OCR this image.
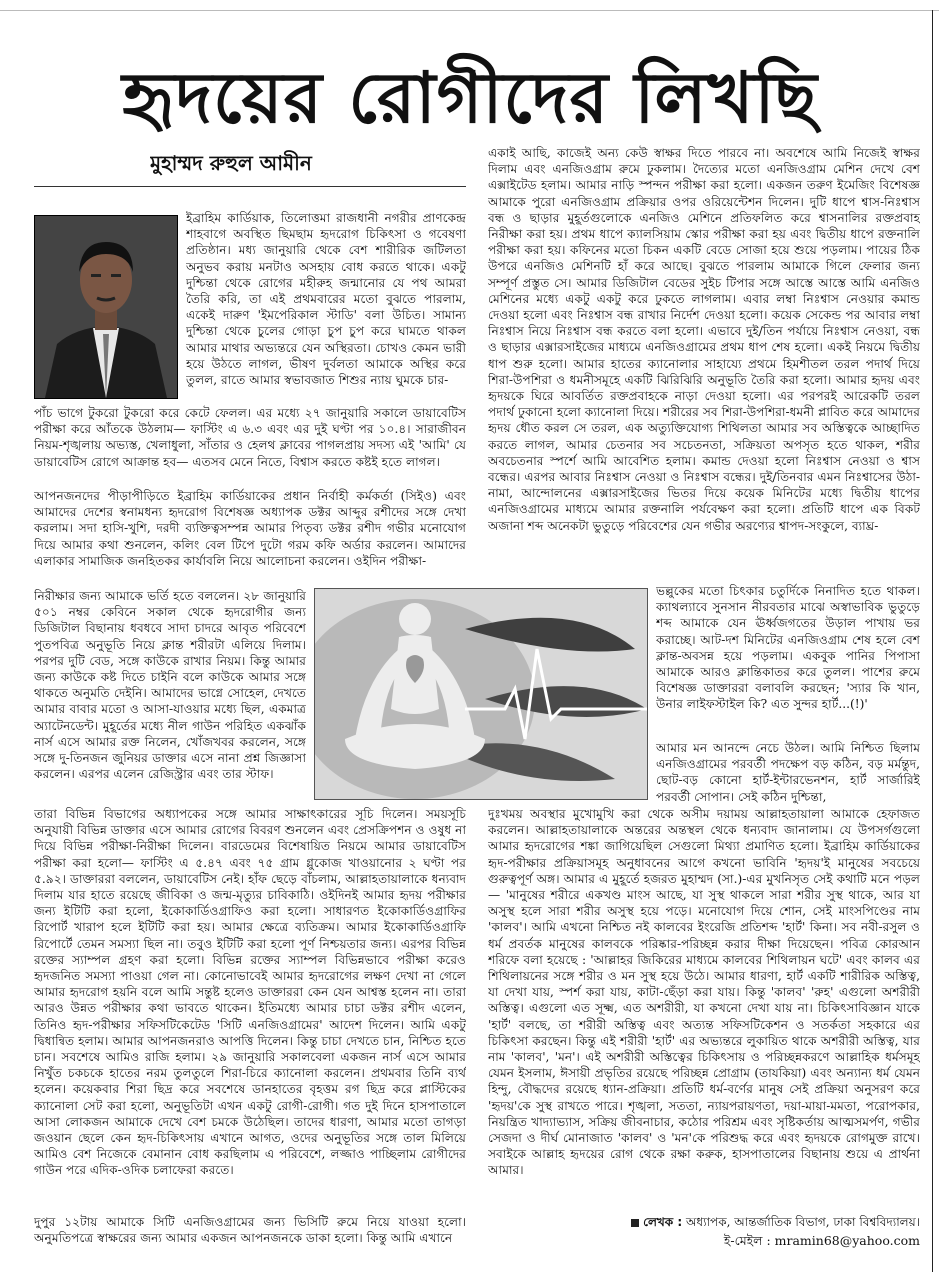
হৃদয়ের রোগীদের লিখছি
মুহাম্মদ রুহুল আমীন

ইব্রাহিম কার্ডিয়াক, তিলোত্তমা রাজধানী নগরীর প্রাণকেন্দ্র শাহবাগে অবস্থিত ছিমছাম হৃদরোগ চিকিৎসা ও গবেষণা প্রতিষ্ঠান। মধ্য জানুয়ারি থেকে বেশ শারীরিক জটিলতা অনুভব করায় মনটাও অসহায় বোধ করতে থাকে। একটু দুশ্চিন্তা থেকে রোগের মহীরুহ জন্মানোর যে পথ আমরা তৈরি করি, তা এই প্রথমবারের মতো বুঝতে পারলাম, একেই দারুণ 'ইমপেরিকাল স্টাডি' বলা উচিত। সামান্য দুশ্চিন্তা থেকে চুলের গোড়া চুপ চুপ করে ঘামতে থাকল আমার মাথার অভ্যন্তরে যেন অস্থিরতা। চোখও কেমন ভারী হয়ে উঠতে লাগল, ভীষণ দুর্বলতা আমাকে অস্থির করে তুলল, রাতে আমার স্বভাবজাত শিশুর ন্যায় ঘুমকে চার-

পাঁচ ভাগে টুকরো টুকরো করে কেটে ফেলল। এর মধ্যে ২৭ জানুয়ারি সকালে ডায়াবেটিস পরীক্ষা করে আঁতকে উঠলাম— ফাস্টিং এ ৬.৩ এবং এর দুই ঘণ্টা পর ১০.৪। সারাজীবন নিয়ম-শৃঙ্খলায় অভ্যস্ত, খেলাধুলা, সাঁতার ও হেলথ ক্লাবের পাগলপ্রায় সদস্য এই 'আমি' যে ডায়াবেটিস রোগে আক্রান্ত হব— এতসব মেনে নিতে, বিশ্বাস করতে কষ্টই হতে লাগল।

আপনজনদের পীড়াপীড়িতে ইব্রাহিম কার্ডিয়াকের প্রধান নির্বাহী কর্মকর্তা (সিইও) এবং আমাদের দেশের স্বনামধন্য হৃদরোগ বিশেষজ্ঞ অধ্যাপক ডক্টর আব্দুর রশীদের সঙ্গে দেখা করলাম। সদা হাসি-খুশি, দরদী ব্যক্তিত্বসম্পন্ন আমার পিতৃব্য ডক্টর রশীদ গভীর মনোযোগ দিয়ে আমার কথা শুনলেন, কলিং বেল টিপে দুটো গরম কফি অর্ডার করলেন। আমাদের এলাকার সামাজিক জনহিতকর কার্যাবলি নিয়ে আলোচনা করলেন। ওইদিন পরীক্ষা-

নিরীক্ষার জন্য আমাকে ভর্তি হতে বললেন। ২৮ জানুয়ারি ৫০১ নম্বর কেবিনে সকাল থেকে হৃদরোগীর জন্য ডিজিটাল বিছানায় ধবধবে সাদা চাদরে আবৃত পরিবেশে পুতপবিত্র অনুভূতি নিয়ে ক্লান্ত শরীরটা এলিয়ে দিলাম। পরপর দুটি বেড, সঙ্গে কাউকে রাখার নিয়ম। কিন্তু আমার জন্য কাউকে কষ্ট দিতে চাইনি বলে কাউকে আমার সঙ্গে থাকতে অনুমতি দেইনি। আমাদের ভাগ্নে সোহেল, দেখতে আমার বাবার মতো ও আসা-যাওয়ার মধ্যে ছিল, একমাত্র অ্যাটেনডেন্ট। মুহূর্তের মধ্যে নীল গাউন পরিহিত একঝাঁক নার্স এসে আমার রক্ত নিলেন, খোঁজখবর করলেন, সঙ্গে সঙ্গে দু-তিনজন জুনিয়র ডাক্তার এসে নানা প্রশ্ন জিজ্ঞাসা করলেন। এরপর এলেন রেজিস্ট্রার এবং তার স্টাফ।

তারা বিভিন্ন বিভাগের অধ্যাপকের সঙ্গে আমার সাক্ষাৎকারের সূচি দিলেন। সময়সূচি অনুযায়ী বিভিন্ন ডাক্তার এসে আমার রোগের বিবরণ শুনলেন এবং প্রেসক্রিপশন ও ওষুধ না দিয়ে বিভিন্ন পরীক্ষা-নিরীক্ষা দিলেন। বারডেমের বিশেষায়িত নিয়মে আমার ডায়াবেটিস পরীক্ষা করা হলো— ফাস্টিং এ ৫.৪৭ এবং ৭৫ গ্রাম গ্লুকোজ খাওয়ানোর ২ ঘণ্টা পর ৫.৯২। ডাক্তাররা বললেন, ডায়াবেটিস নেই। হাঁফ ছেড়ে বাঁচলাম, আল্লাহতায়ালাকে ধন্যবাদ দিলাম যার হাতে রয়েছে জীবিকা ও জন্ম-মৃত্যুর চাবিকাঠি। ওইদিনই আমার হৃদয় পরীক্ষার জন্য ইটিটি করা হলো, ইকোকার্ডিওগ্রাফিও করা হলো। সাধারণত ইকোকার্ডিওগ্রাফির রিপোর্ট খারাপ হলে ইটিটি করা হয়। আমার ক্ষেত্রে ব্যতিক্রম। আমার ইকোকার্ডিওগ্রাফি রিপোর্টে তেমন সমস্যা ছিল না। তবুও ইটিটি করা হলো পূর্ণ নিশ্চয়তার জন্য। এরপর বিভিন্ন রক্তের স্যাম্পল গ্রহণ করা হলো। বিভিন্ন রক্তের স্যাম্পল বিভিন্নভাবে পরীক্ষা করেও হৃদজনিত সমস্যা পাওয়া গেল না। কোনোভাবেই আমার হৃদরোগের লক্ষণ দেখা না গেলে আমার হৃদরোগ হয়নি বলে আমি সন্তুষ্ট হলেও ডাক্তাররা কেন যেন আশ্বস্ত হলেন না। তারা আরও উন্নত পরীক্ষার কথা ভাবতে থাকেন। ইতিমধ্যে আমার চাচা ডক্টর রশীদ এলেন, তিনিও হৃদ-পরীক্ষার সফিসটিকেটেড 'সিটি এনজিওগ্রামের' আদেশ দিলেন। আমি একটু দ্বিধান্বিত হলাম। আমার আপনজনরাও আপত্তি দিলেন। কিন্তু চাচা দেখতে চান, নিশ্চিত হতে চান। সবশেষে আমিও রাজি হলাম। ২৯ জানুয়ারি সকালবেলা একজন নার্স এসে আমার নিখুঁত চকচকে হাতের নরম তুলতুলে শিরা-চিরে ক্যানোলা করলেন। প্রথমবার তিনি ব্যর্থ হলেন। কয়েকবার শিরা ছিদ্র করে সবশেষে ডানহাতের বৃহত্তম রগ ছিদ্র করে প্লাস্টিকের ক্যানোলা সেট করা হলো, অনুভূতিটা এখন একটু রোগী-রোগী। গত দুই দিনে হাসপাতালে আসা লোকজন আমাকে দেখে বেশ চমকে উঠেছিল। তাদের ধারণা, আমার মতো তাগড়া জওয়ান ছেলে কেন হৃদ-চিকিৎসায় এখানে আগত, ওদের অনুভূতির সঙ্গে তাল মিলিয়ে আমিও বেশ নিজেকে বেমানান বোধ করছিলাম এ পরিবেশে, লজ্জাও পাচ্ছিলাম রোগীদের গাউন পরে এদিক-ওদিক চলাফেরা করতে।

দুপুর ১২টায় আমাকে সিটি এনজিওগ্রামের জন্য ভিসিটি রুমে নিয়ে যাওয়া হলো। অনুমতিপত্রে স্বাক্ষরের জন্য আমার একজন আপনজনকে ডাকা হলো। কিন্তু আমি এখানে

একাই আছি, কাজেই অন্য কেউ স্বাক্ষর দিতে পারবে না। অবশেষে আমি নিজেই স্বাক্ষর দিলাম এবং এনজিওগ্রাম রুমে ঢুকলাম। দৈত্যের মতো এনজিওগ্রাম মেশিন দেখে বেশ এক্সাইটেড হলাম। আমার নাড়ি স্পন্দন পরীক্ষা করা হলো। একজন তরুণ ইমেজিং বিশেষজ্ঞ আমাকে পুরো এনজিওগ্রাম প্রক্রিয়ার ওপর ওরিয়েন্টেশন দিলেন। দুটি ধাপে শ্বাস-নিঃশ্বাস বন্ধ ও ছাড়ার মুহূর্তগুলোকে এনজিও মেশিনে প্রতিফলিত করে শ্বাসনালির রক্তপ্রবাহ নিরীক্ষা করা হয়। প্রথম ধাপে ক্যালসিয়াম স্কোর পরীক্ষা করা হয় এবং দ্বিতীয় ধাপে রক্তনালি পরীক্ষা করা হয়। কফিনের মতো চিকন একটি বেডে সোজা হয়ে শুয়ে পড়লাম। পায়ের ঠিক উপরে এনজিও মেশিনটি হাঁ করে আছে। বুঝতে পারলাম আমাকে গিলে ফেলার জন্য সম্পূর্ণ প্রস্তুত সে। আমার ডিজিটাল বেডের সুইচ টিপার সঙ্গে আস্তে আস্তে আমি এনজিও মেশিনের মধ্যে একটু একটু করে ঢুকতে লাগলাম। এবার লম্বা নিঃশ্বাস নেওয়ার কমান্ড দেওয়া হলো এবং নিঃশ্বাস বন্ধ রাখার নির্দেশ দেওয়া হলো। কয়েক সেকেন্ড পর আবার লম্বা নিঃশ্বাস নিয়ে নিঃশ্বাস বন্ধ করতে বলা হলো। এভাবে দুই/তিন পর্যায়ে নিঃশ্বাস নেওয়া, বন্ধ ও ছাড়ার এক্সারসাইজের মাধ্যমে এনজিওগ্রামের প্রথম ধাপ শেষ হলো। একই নিয়মে দ্বিতীয় ধাপ শুরু হলো। আমার হাতের ক্যানোলার সাহায্যে প্রথমে হিমশীতল তরল পদার্থ দিয়ে শিরা-উপশিরা ও ধমনীসমূহে একটি ঝিরিঝিরি অনুভূতি তৈরি করা হলো। আমার হৃদয় এবং হৃদয়কে ঘিরে আবর্তিত রক্তপ্রবাহকে নাড়া দেওয়া হলো। এর পরপরই আরেকটি তরল পদার্থ ঢুকানো হলো ক্যানোলা দিয়ে। শরীরের সব শিরা-উপশিরা-ধমনী প্লাবিত করে আমাদের হৃদয় ধৌত করল সে তরল, এক অত্যুক্তিযোগ্য শিথিলতা আমার সব অস্তিত্বকে আচ্ছাদিত করতে লাগল, আমার চেতনার সব সচেতনতা, সক্রিয়তা অপসৃত হতে থাকল, শরীর অবচেতনার স্পর্শে আমি আবেশিত হলাম। কমান্ড দেওয়া হলো নিঃশ্বাস নেওয়া ও শ্বাস বন্ধের। এরপর আবার নিঃশ্বাস নেওয়া ও নিঃশ্বাস বন্ধের। দুই/তিনবার এমন নিঃশ্বাসের উঠা-নামা, আন্দোলনের এক্সারসাইজের ভিতর দিয়ে কয়েক মিনিটের মধ্যে দ্বিতীয় ধাপের এনজিওগ্রামের মাধ্যমে আমার রক্তনালি পর্যবেক্ষণ করা হলো। প্রতিটি ধাপে এক বিকট অজানা শব্দ অনেকটা ভুতুড়ে পরিবেশের যেন গভীর অরণ্যের শ্বাপদ-সংকুলে, ব্যাঘ্র-

ভল্লুকের মতো চিৎকার চতুর্দিকে নিনাদিত হতে থাকল। ক্যাথল্যাবে সুনসান নীরবতার মাঝে অস্বাভাবিক ভুতুড়ে শব্দ আমাকে যেন ঊর্ধ্বজগতের উড়াল পাখায় ভর করাচ্ছে। আট-দশ মিনিটের এনজিওগ্রাম শেষ হলে বেশ ক্লান্ত-অবসন্ন হয়ে পড়লাম। একবুক পানির পিপাসা আমাকে আরও ক্লান্তিকাতর করে তুলল। পাশের রুমে বিশেষজ্ঞ ডাক্তাররা বলাবলি করছেন; 'স্যার কি খান, উনার লাইফস্টাইল কি? এত সুন্দর হার্ট...(!)'

আমার মন আনন্দে নেচে উঠল। আমি নিশ্চিত ছিলাম এনজিওগ্রামের পরবর্তী পদক্ষেপ বড় কঠিন, বড় মর্মন্তুদ, ছোট-বড় কোনো হার্ট-ইন্টারভেনশন, হার্ট সার্জারিই পরবর্তী সোপান। সেই কঠিন দুশ্চিন্তা,

দুঃখময় অবস্থার মুখোমুখি করা থেকে অসীম দয়াময় আল্লাহতায়ালা আমাকে হেফাজত করলেন। আল্লাহতায়ালাকে অন্তরের অন্তস্থল থেকে ধন্যবাদ জানালাম। যে উপসর্গগুলো আমার হৃদরোগের শঙ্কা জাগিয়েছিল সেগুলো মিথ্যা প্রমাণিত হলো। ইব্রাহিম কার্ডিয়াকের হৃদ-পরীক্ষার প্রক্রিয়াসমূহ অনুধাবনের আগে কখনো ভাবিনি 'হৃদয়'ই মানুষের সবচেয়ে গুরুত্বপূর্ণ অঙ্গ। আমার এ মুহূর্তে হজরত মুহাম্মদ (সা.)-এর মুখনিসৃত সেই কথাটি মনে পড়ল— 'মানুষের শরীরে একখণ্ড মাংস আছে, যা সুস্থ থাকলে সারা শরীর সুস্থ থাকে, আর যা অসুস্থ হলে সারা শরীর অসুস্থ হয়ে পড়ে। মনোযোগ দিয়ে শোন, সেই মাংসপিণ্ডের নাম 'কালব'। আমি এখনো নিশ্চিত নই কালবের ইংরেজি প্রতিশব্দ 'হার্ট' কিনা। সব নবী-রসুল ও ধর্ম প্রবর্তক মানুষের কালবকে পরিষ্কার-পরিচ্ছন্ন করার দীক্ষা দিয়েছেন। পবিত্র কোরআন শরিফে বলা হয়েছে : 'আল্লাহর জিকিরের মাধ্যমে কালবের শিথিলায়ন ঘটে' এবং কালব এর শিথিলায়নের সঙ্গে শরীর ও মন সুস্থ হয়ে উঠে। আমার ধারণা, হার্ট একটি শারীরিক অস্তিত্ব, যা দেখা যায়, স্পর্শ করা যায়, কাটা-ছেঁড়া করা যায়। কিন্তু 'কালব' 'রুহ' এগুলো অশরীরী অস্তিত্ব। এগুলো এত সূক্ষ্ম, এত অশরীরী, যা কখনো দেখা যায় না। চিকিৎসাবিজ্ঞান যাকে 'হার্ট' বলছে, তা শরীরী অস্তিত্ব এবং অত্যন্ত সফিসটিকেশন ও সতর্কতা সহকারে এর চিকিৎসা করছেন। কিন্তু এই শরীরী 'হার্ট' এর অভ্যন্তরে লুকায়িত থাকে অশরীরী অস্তিত্ব, যার নাম 'কালব', 'মন'। এই অশরীরী অস্তিত্বের চিকিৎসায় ও পরিচ্ছন্নকরণে আল্লাহিক ধর্মসমূহ যেমন ইসলাম, ঈসায়ী প্রভৃতির রয়েছে পরিচ্ছন্ন প্রোগ্রাম (তাযকিয়া) এবং অন্যান্য ধর্ম যেমন হিন্দু, বৌদ্ধদের রয়েছে ধ্যান-প্রক্রিয়া। প্রতিটি ধর্ম-বর্ণের মানুষ সেই প্রক্রিয়া অনুসরণ করে 'হৃদয়'কে সুস্থ রাখতে পারে। শৃঙ্খলা, সততা, ন্যায়পরায়ণতা, দয়া-মায়া-মমতা, পরোপকার, নিয়ন্ত্রিত খাদ্যাভ্যাস, সক্রিয় জীবনাচার, কঠোর পরিশ্রম এবং সৃষ্টিকর্তায় আত্মসমর্পণ, গভীর সেজদা ও দীর্ঘ মোনাজাত 'কালব' ও 'মন'কে পরিশুদ্ধ করে এবং হৃদয়কে রোগমুক্ত রাখে। সবাইকে আল্লাহ হৃদয়ের রোগ থেকে রক্ষা করুক, হাসপাতালের বিছানায় শুয়ে এ প্রার্থনা আমার।

লেখক : অধ্যাপক, আন্তর্জাতিক বিভাগ, ঢাকা বিশ্ববিদ্যালয়।
ই-মেইল : mramin68@yahoo.com
